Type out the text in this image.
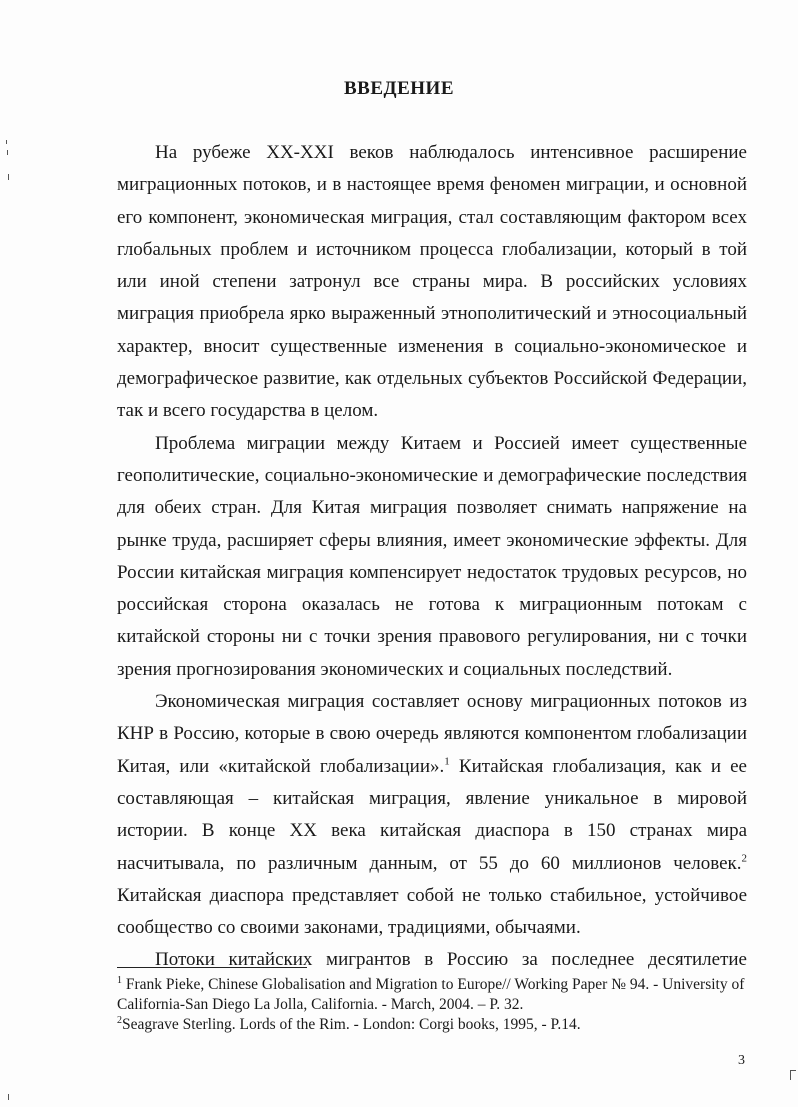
ВВЕДЕНИЕ

На рубеже XX-XXI веков наблюдалось интенсивное расширение миграционных потоков, и в настоящее время феномен миграции, и основной его компонент, экономическая миграция, стал составляющим фактором всех глобальных проблем и источником процесса глобализации, который в той или иной степени затронул все страны мира. В российских условиях миграция приобрела ярко выраженный этнополитический и этносоциальный характер, вносит существенные изменения в социально-экономическое и демографическое развитие, как отдельных субъектов Российской Федерации, так и всего государства в целом.

Проблема миграции между Китаем и Россией имеет существенные геополитические, социально-экономические и демографические последствия для обеих стран. Для Китая миграция позволяет снимать напряжение на рынке труда, расширяет сферы влияния, имеет экономические эффекты. Для России китайская миграция компенсирует недостаток трудовых ресурсов, но российская сторона оказалась не готова к миграционным потокам с китайской стороны ни с точки зрения правового регулирования, ни с точки зрения прогнозирования экономических и социальных последствий.

Экономическая миграция составляет основу миграционных потоков из КНР в Россию, которые в свою очередь являются компонентом глобализации Китая, или «китайской глобализации».$^1$ Китайская глобализация, как и ее составляющая – китайская миграция, явление уникальное в мировой истории. В конце XX века китайская диаспора в 150 странах мира насчитывала, по различным данным, от 55 до 60 миллионов человек.$^2$ Китайская диаспора представляет собой не только стабильное, устойчивое сообщество со своими законами, традициями, обычаями.

Потоки китайских мигрантов в Россию за последнее десятилетие

$^1$ Frank Pieke, Chinese Globalisation and Migration to Europe// Working Paper № 94. - University of California-San Diego La Jolla, California. - March, 2004. – P. 32.
$^2$Seagrave Sterling. Lords of the Rim. - London: Corgi books, 1995, - P.14.
3
